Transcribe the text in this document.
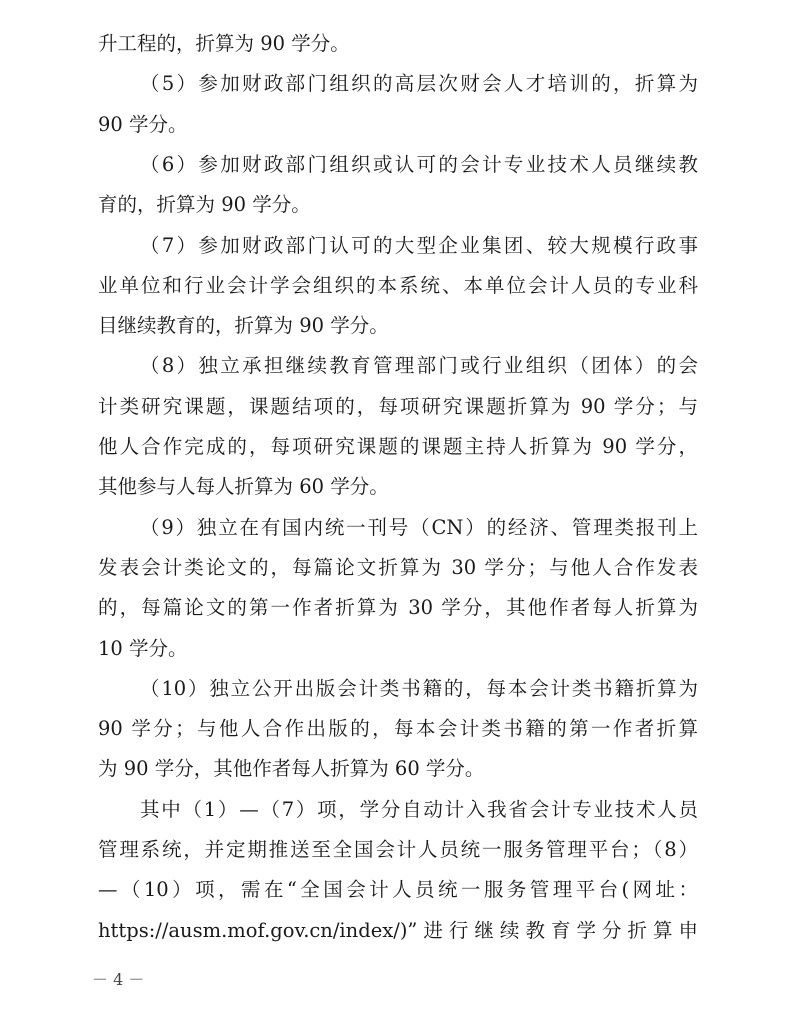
升工程的，折算为 90 学分。
（5）参加财政部门组织的高层次财会人才培训的，折算为
90 学分。
（6）参加财政部门组织或认可的会计专业技术人员继续教
育的，折算为 90 学分。
（7）参加财政部门认可的大型企业集团、较大规模行政事
业单位和行业会计学会组织的本系统、本单位会计人员的专业科
目继续教育的，折算为 90 学分。
（8）独立承担继续教育管理部门或行业组织（团体）的会
计类研究课题，课题结项的，每项研究课题折算为 90 学分；与
他人合作完成的，每项研究课题的课题主持人折算为 90 学分，
其他参与人每人折算为 60 学分。
（9）独立在有国内统一刊号（CN）的经济、管理类报刊上
发表会计类论文的，每篇论文折算为 30 学分；与他人合作发表
的，每篇论文的第一作者折算为 30 学分，其他作者每人折算为
10 学分。
（10）独立公开出版会计类书籍的，每本会计类书籍折算为
90 学分；与他人合作出版的，每本会计类书籍的第一作者折算
为 90 学分，其他作者每人折算为 60 学分。
其中（1）—（7）项，学分自动计入我省会计专业技术人员
管理系统，并定期推送至全国会计人员统一服务管理平台；（8）
—（10）项，需在“全国会计人员统一服务管理平台(网址：
https://ausm.mof.gov.cn/index/)”进行继续教育学分折算申
－ 4 －
